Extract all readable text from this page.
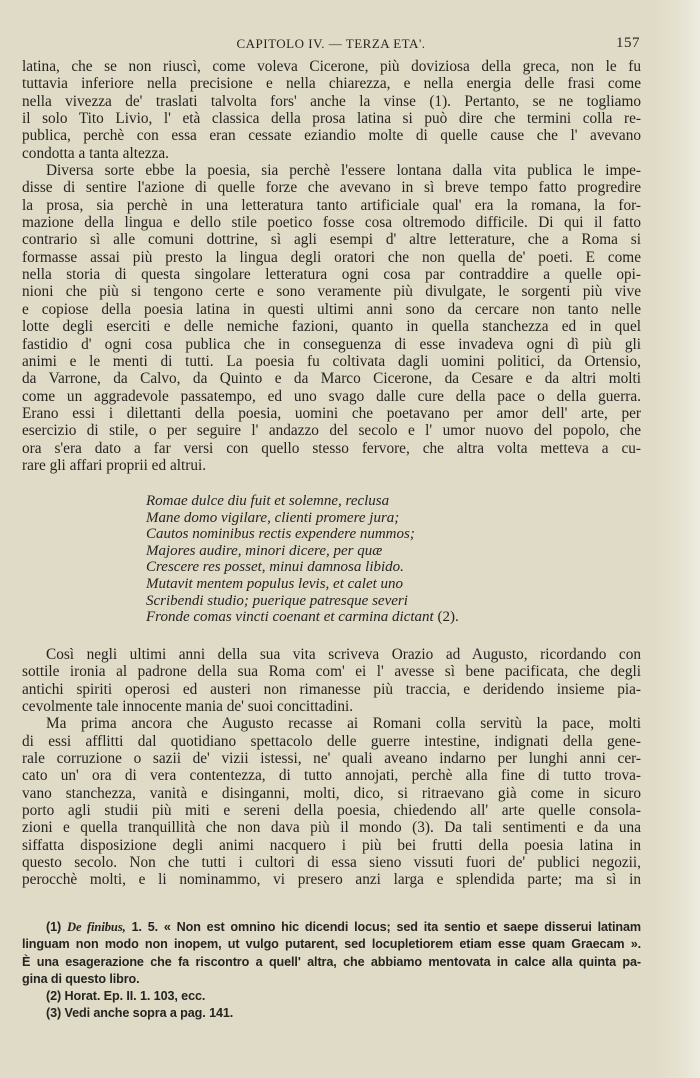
CAPITOLO IV. — TERZA ETA'.	157
latina, che se non riuscì, come voleva Cicerone, più doviziosa della greca, non le fu
tuttavia inferiore nella precisione e nella chiarezza, e nella energia delle frasi come
nella vivezza de' traslati talvolta fors' anche la vinse (1). Pertanto, se ne togliamo
il solo Tito Livio, l' età classica della prosa latina si può dire che termini colla re-
publica, perchè con essa eran cessate eziandio molte di quelle cause che l' avevano
condotta a tanta altezza.
Diversa sorte ebbe la poesia, sia perchè l'essere lontana dalla vita publica le impe-
disse di sentire l'azione di quelle forze che avevano in sì breve tempo fatto progredire
la prosa, sia perchè in una letteratura tanto artificiale qual' era la romana, la for-
mazione della lingua e dello stile poetico fosse cosa oltremodo difficile. Di qui il fatto
contrario sì alle comuni dottrine, sì agli esempi d' altre letterature, che a Roma si
formasse assai più presto la lingua degli oratori che non quella de' poeti. E come
nella storia di questa singolare letteratura ogni cosa par contraddire a quelle opi-
nioni che più si tengono certe e sono veramente più divulgate, le sorgenti più vive
e copiose della poesia latina in questi ultimi anni sono da cercare non tanto nelle
lotte degli eserciti e delle nemiche fazioni, quanto in quella stanchezza ed in quel
fastidio d' ogni cosa publica che in conseguenza di esse invadeva ogni dì più gli
animi e le menti di tutti. La poesia fu coltivata dagli uomini politici, da Ortensio,
da Varrone, da Calvo, da Quinto e da Marco Cicerone, da Cesare e da altri molti
come un aggradevole passatempo, ed uno svago dalle cure della pace o della guerra.
Erano essi i dilettanti della poesia, uomini che poetavano per amor dell' arte, per
esercizio di stile, o per seguire l' andazzo del secolo e l' umor nuovo del popolo, che
ora s'era dato a far versi con quello stesso fervore, che altra volta metteva a cu-
rare gli affari proprii ed altrui.
Romae dulce diu fuit et solemne, reclusa
Mane domo vigilare, clienti promere jura;
Cautos nominibus rectis expendere nummos;
Majores audire, minori dicere, per quæ
Crescere res posset, minui damnosa libido.
Mutavit mentem populus levis, et calet uno
Scribendi studio; puerique patresque severi
Fronde comas vincti coenant et carmina dictant (2).
Così negli ultimi anni della sua vita scriveva Orazio ad Augusto, ricordando con
sottile ironia al padrone della sua Roma com' ei l' avesse sì bene pacificata, che degli
antichi spiriti operosi ed austeri non rimanesse più traccia, e deridendo insieme pia-
cevolmente tale innocente mania de' suoi concittadini.
Ma prima ancora che Augusto recasse ai Romani colla servitù la pace, molti
di essi afflitti dal quotidiano spettacolo delle guerre intestine, indignati della gene-
rale corruzione o sazii de' vizii istessi, ne' quali aveano indarno per lunghi anni cer-
cato un' ora di vera contentezza, di tutto annojati, perchè alla fine di tutto trova-
vano stanchezza, vanità e disinganni, molti, dico, si ritraevano già come in sicuro
porto agli studii più miti e sereni della poesia, chiedendo all' arte quelle consola-
zioni e quella tranquillità che non dava più il mondo (3). Da tali sentimenti e da una
siffatta disposizione degli animi nacquero i più bei frutti della poesia latina in
questo secolo. Non che tutti i cultori di essa sieno vissuti fuori de' publici negozii,
perocchè molti, e li nominammo, vi presero anzi larga e splendida parte; ma sì in
(1) De finibus, 1. 5. « Non est omnino hic dicendi locus; sed ita sentio et saepe disserui latinam
linguam non modo non inopem, ut vulgo putarent, sed locupletiorem etiam esse quam Graecam ».
È una esagerazione che fa riscontro a quell' altra, che abbiamo mentovata in calce alla quinta pa-
gina di questo libro.
(2) Horat. Ep. II. 1. 103, ecc.
(3) Vedi anche sopra a pag. 141.
